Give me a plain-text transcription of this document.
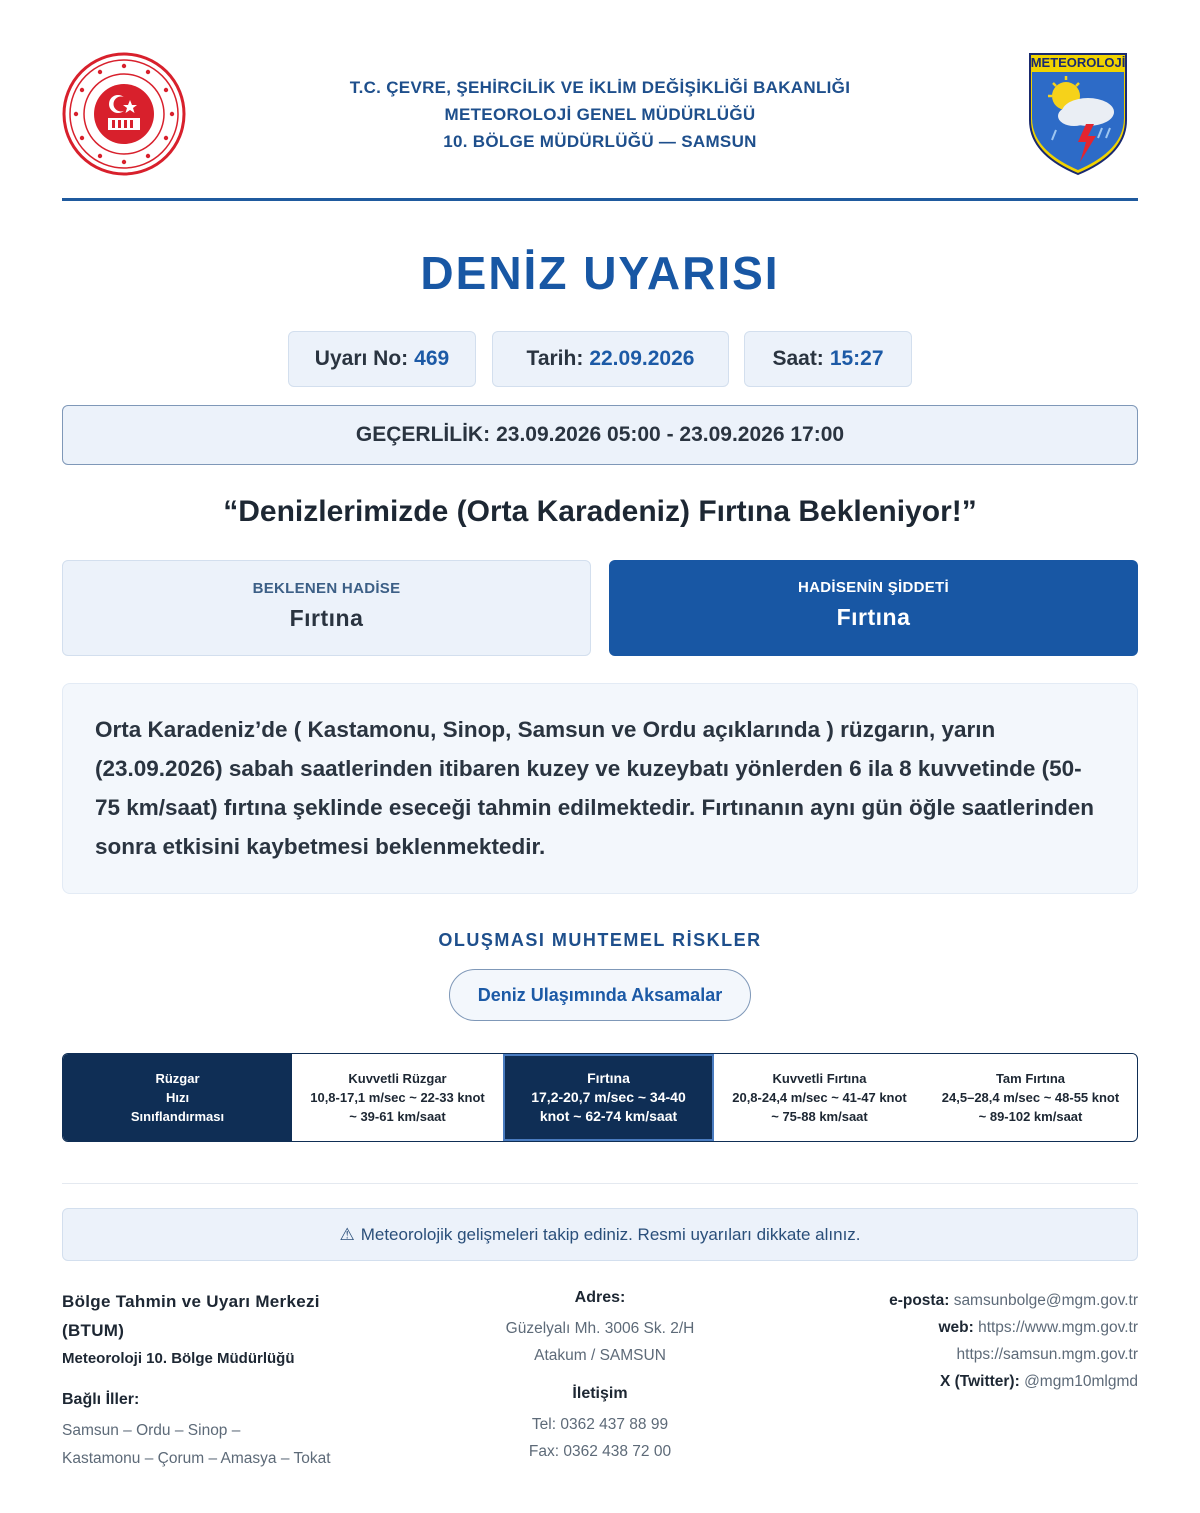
T.C. ÇEVRE, ŞEHİRCİLİK VE İKLİM DEĞİŞİKLİĞİ BAKANLIĞI
METEOROLOJİ GENEL MÜDÜRLÜĞÜ
10. BÖLGE MÜDÜRLÜĞÜ — SAMSUN
METEOROLOJİ
DENİZ UYARISI
Uyarı No: 469	Tarih: 22.09.2026	Saat: 15:27
GEÇERLİLİK: 23.09.2026 05:00 - 23.09.2026 17:00
“Denizlerimizde (Orta Karadeniz) Fırtına Bekleniyor!”
BEKLENEN HADİSE
Fırtına
HADİSENİN ŞİDDETİ
Fırtına
Orta Karadeniz’de ( Kastamonu, Sinop, Samsun ve Ordu açıklarında ) rüzgarın, yarın (23.09.2026) sabah saatlerinden itibaren kuzey ve kuzeybatı yönlerden 6 ila 8 kuvvetinde (50-75 km/saat) fırtına şeklinde eseceği tahmin edilmektedir. Fırtınanın aynı gün öğle saatlerinden sonra etkisini kaybetmesi beklenmektedir.
OLUŞMASI MUHTEMEL RİSKLER
Deniz Ulaşımında Aksamalar
Rüzgar
Hızı
Sınıflandırması
Kuvvetli Rüzgar
10,8-17,1 m/sec ~ 22-33 knot
~ 39-61 km/saat
Fırtına
17,2-20,7 m/sec ~ 34-40
knot ~ 62-74 km/saat
Kuvvetli Fırtına
20,8-24,4 m/sec ~ 41-47 knot
~ 75-88 km/saat
Tam Fırtına
24,5–28,4 m/sec ~ 48-55 knot
~ 89-102 km/saat
⚠ Meteorolojik gelişmeleri takip ediniz. Resmi uyarıları dikkate alınız.
Bölge Tahmin ve Uyarı Merkezi
(BTUM)
Meteoroloji 10. Bölge Müdürlüğü
Bağlı İller:
Samsun – Ordu – Sinop –
Kastamonu – Çorum – Amasya – Tokat
Adres:
Güzelyalı Mh. 3006 Sk. 2/H
Atakum / SAMSUN
İletişim
Tel: 0362 437 88 99
Fax: 0362 438 72 00
e-posta: samsunbolge@mgm.gov.tr
web: https://www.mgm.gov.tr
https://samsun.mgm.gov.tr
X (Twitter): @mgm10mlgmd
